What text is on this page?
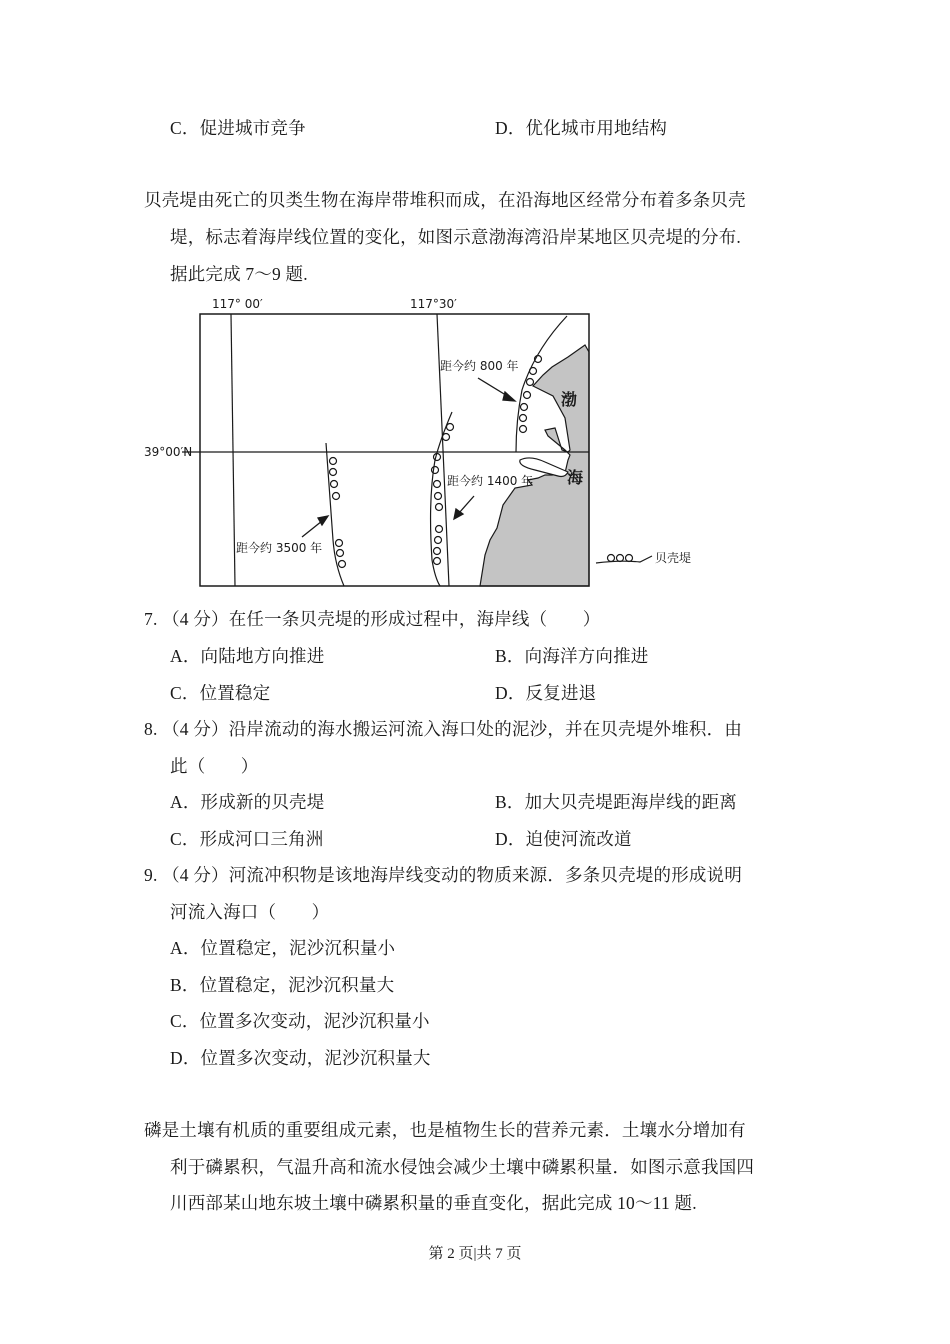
C．促进城市竞争	D．优化城市用地结构
贝壳堤由死亡的贝类生物在海岸带堆积而成，在沿海地区经常分布着多条贝壳
堤，标志着海岸线位置的变化，如图示意渤海湾沿岸某地区贝壳堤的分布.
据此完成 7～9 题.
117° 00′	117°30′
39°00′N
距今约 800 年
距今约 1400 年
距今约 3500 年
渤
海
贝壳堤
7. （4 分）在任一条贝壳堤的形成过程中，海岸线（　　）
A．向陆地方向推进	B．向海洋方向推进
C．位置稳定	D．反复进退
8. （4 分）沿岸流动的海水搬运河流入海口处的泥沙，并在贝壳堤外堆积．由
此（　　）
A．形成新的贝壳堤	B．加大贝壳堤距海岸线的距离
C．形成河口三角洲	D．迫使河流改道
9. （4 分）河流冲积物是该地海岸线变动的物质来源．多条贝壳堤的形成说明
河流入海口（　　）
A．位置稳定，泥沙沉积量小
B．位置稳定，泥沙沉积量大
C．位置多次变动，泥沙沉积量小
D．位置多次变动，泥沙沉积量大
磷是土壤有机质的重要组成元素，也是植物生长的营养元素．土壤水分增加有
利于磷累积，气温升高和流水侵蚀会减少土壤中磷累积量．如图示意我国四
川西部某山地东坡土壤中磷累积量的垂直变化，据此完成 10～11 题.
第 2 页|共 7 页
